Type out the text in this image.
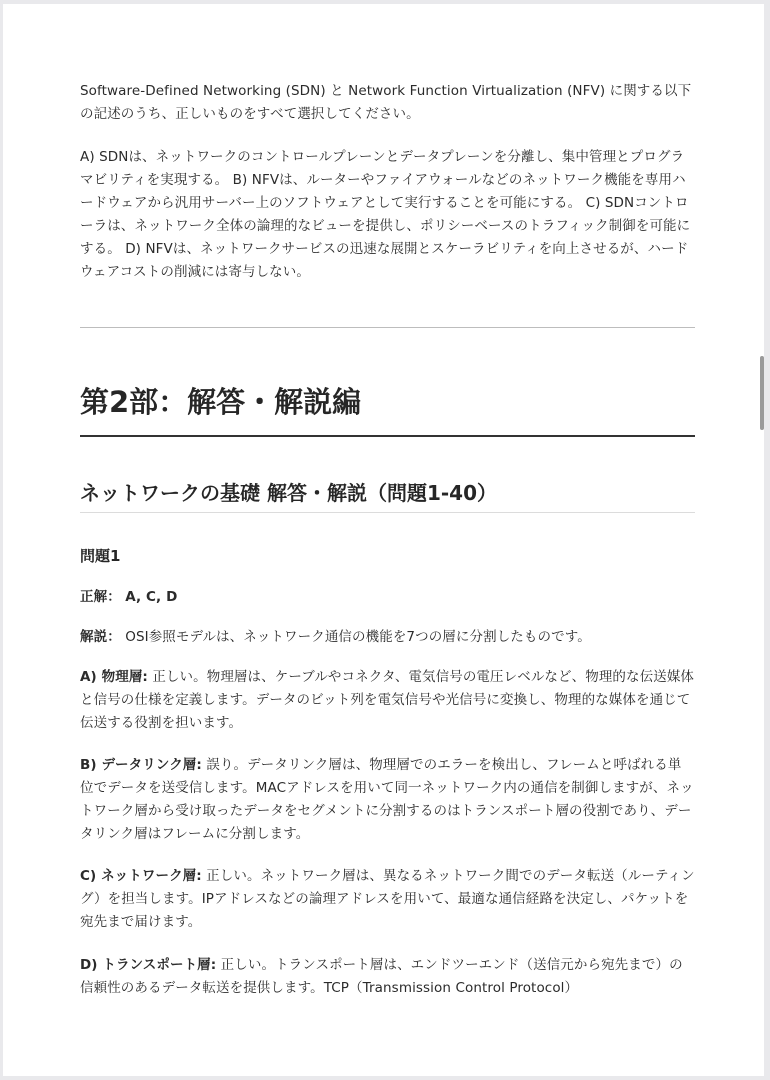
Software-Defined Networking (SDN) と Network Function Virtualization (NFV) に関する以下の記述のうち、正しいものをすべて選択してください。

A) SDNは、ネットワークのコントロールプレーンとデータプレーンを分離し、集中管理とプログラマビリティを実現する。 B) NFVは、ルーターやファイアウォールなどのネットワーク機能を専用ハードウェアから汎用サーバー上のソフトウェアとして実行することを可能にする。 C) SDNコントローラは、ネットワーク全体の論理的なビューを提供し、ポリシーベースのトラフィック制御を可能にする。 D) NFVは、ネットワークサービスの迅速な展開とスケーラビリティを向上させるが、ハードウェアコストの削減には寄与しない。

第2部：解答・解説編
ネットワークの基礎 解答・解説（問題1-40）
問題1

正解： A, C, D

解説： OSI参照モデルは、ネットワーク通信の機能を7つの層に分割したものです。

A) 物理層: 正しい。物理層は、ケーブルやコネクタ、電気信号の電圧レベルなど、物理的な伝送媒体と信号の仕様を定義します。データのビット列を電気信号や光信号に変換し、物理的な媒体を通じて伝送する役割を担います。

B) データリンク層: 誤り。データリンク層は、物理層でのエラーを検出し、フレームと呼ばれる単位でデータを送受信します。MACアドレスを用いて同一ネットワーク内の通信を制御しますが、ネットワーク層から受け取ったデータをセグメントに分割するのはトランスポート層の役割であり、データリンク層はフレームに分割します。

C) ネットワーク層: 正しい。ネットワーク層は、異なるネットワーク間でのデータ転送（ルーティング）を担当します。IPアドレスなどの論理アドレスを用いて、最適な通信経路を決定し、パケットを宛先まで届けます。

D) トランスポート層: 正しい。トランスポート層は、エンドツーエンド（送信元から宛先まで）の信頼性のあるデータ転送を提供します。TCP（Transmission Control Protocol）
